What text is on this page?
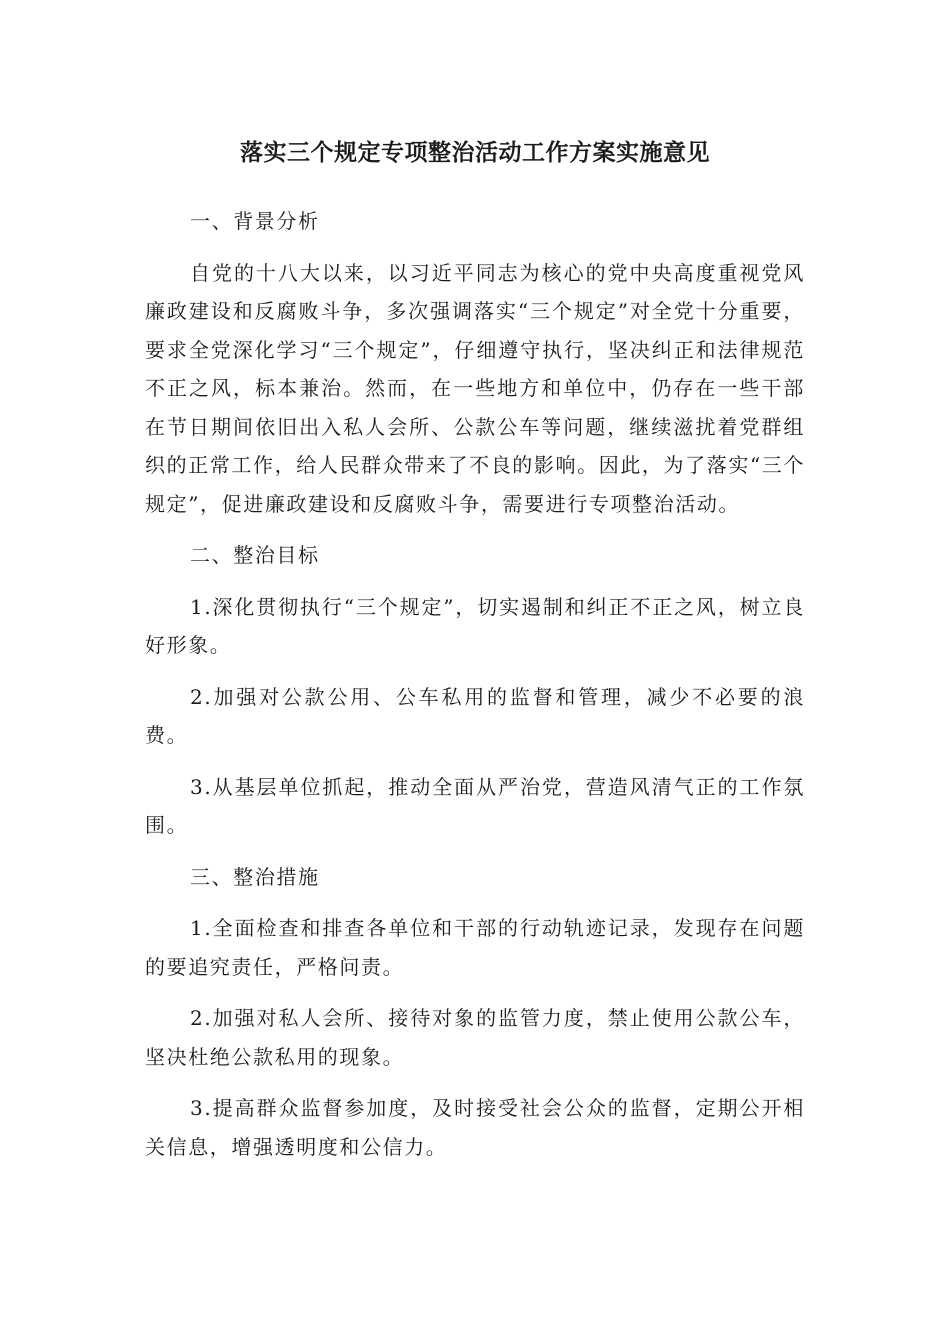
落实三个规定专项整治活动工作方案实施意见

一、背景分析

自党的十八大以来，以习近平同志为核心的党中央高度重视党风廉政建设和反腐败斗争，多次强调落实“三个规定”对全党十分重要，要求全党深化学习“三个规定”，仔细遵守执行，坚决纠正和法律规范不正之风，标本兼治。然而，在一些地方和单位中，仍存在一些干部在节日期间依旧出入私人会所、公款公车等问题，继续滋扰着党群组织的正常工作，给人民群众带来了不良的影响。因此，为了落实“三个规定”，促进廉政建设和反腐败斗争，需要进行专项整治活动。

二、整治目标

1.深化贯彻执行“三个规定”，切实遏制和纠正不正之风，树立良好形象。

2.加强对公款公用、公车私用的监督和管理，减少不必要的浪费。

3.从基层单位抓起，推动全面从严治党，营造风清气正的工作氛围。

三、整治措施

1.全面检查和排查各单位和干部的行动轨迹记录，发现存在问题的要追究责任，严格问责。

2.加强对私人会所、接待对象的监管力度，禁止使用公款公车，坚决杜绝公款私用的现象。

3.提高群众监督参加度，及时接受社会公众的监督，定期公开相关信息，增强透明度和公信力。
